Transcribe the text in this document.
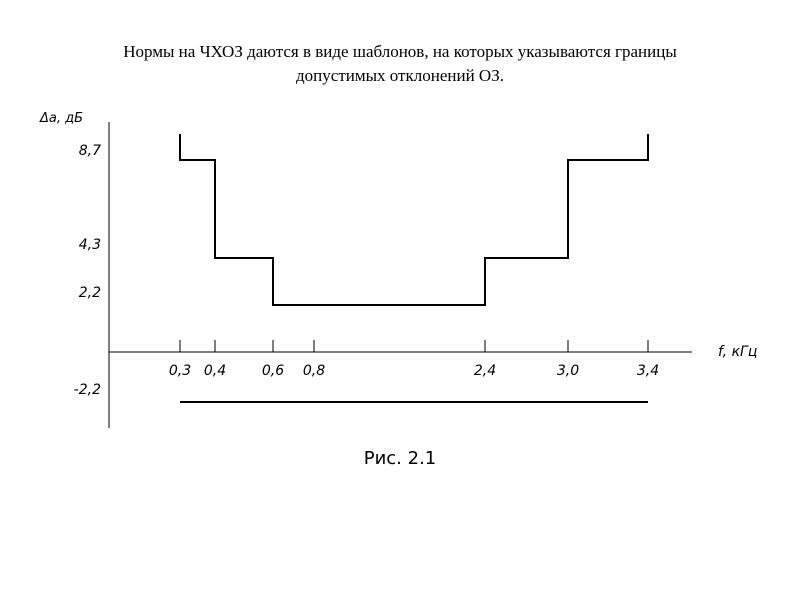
Нормы на ЧХОЗ даются в виде шаблонов, на которых указываются границы
допустимых отклонений ОЗ.
Δа, дБ
f, кГц
0,3 0,4	0,6 0,8	2,4	3,0	3,4
8,7
4,3
2,2
-2,2
Рис. 2.1
